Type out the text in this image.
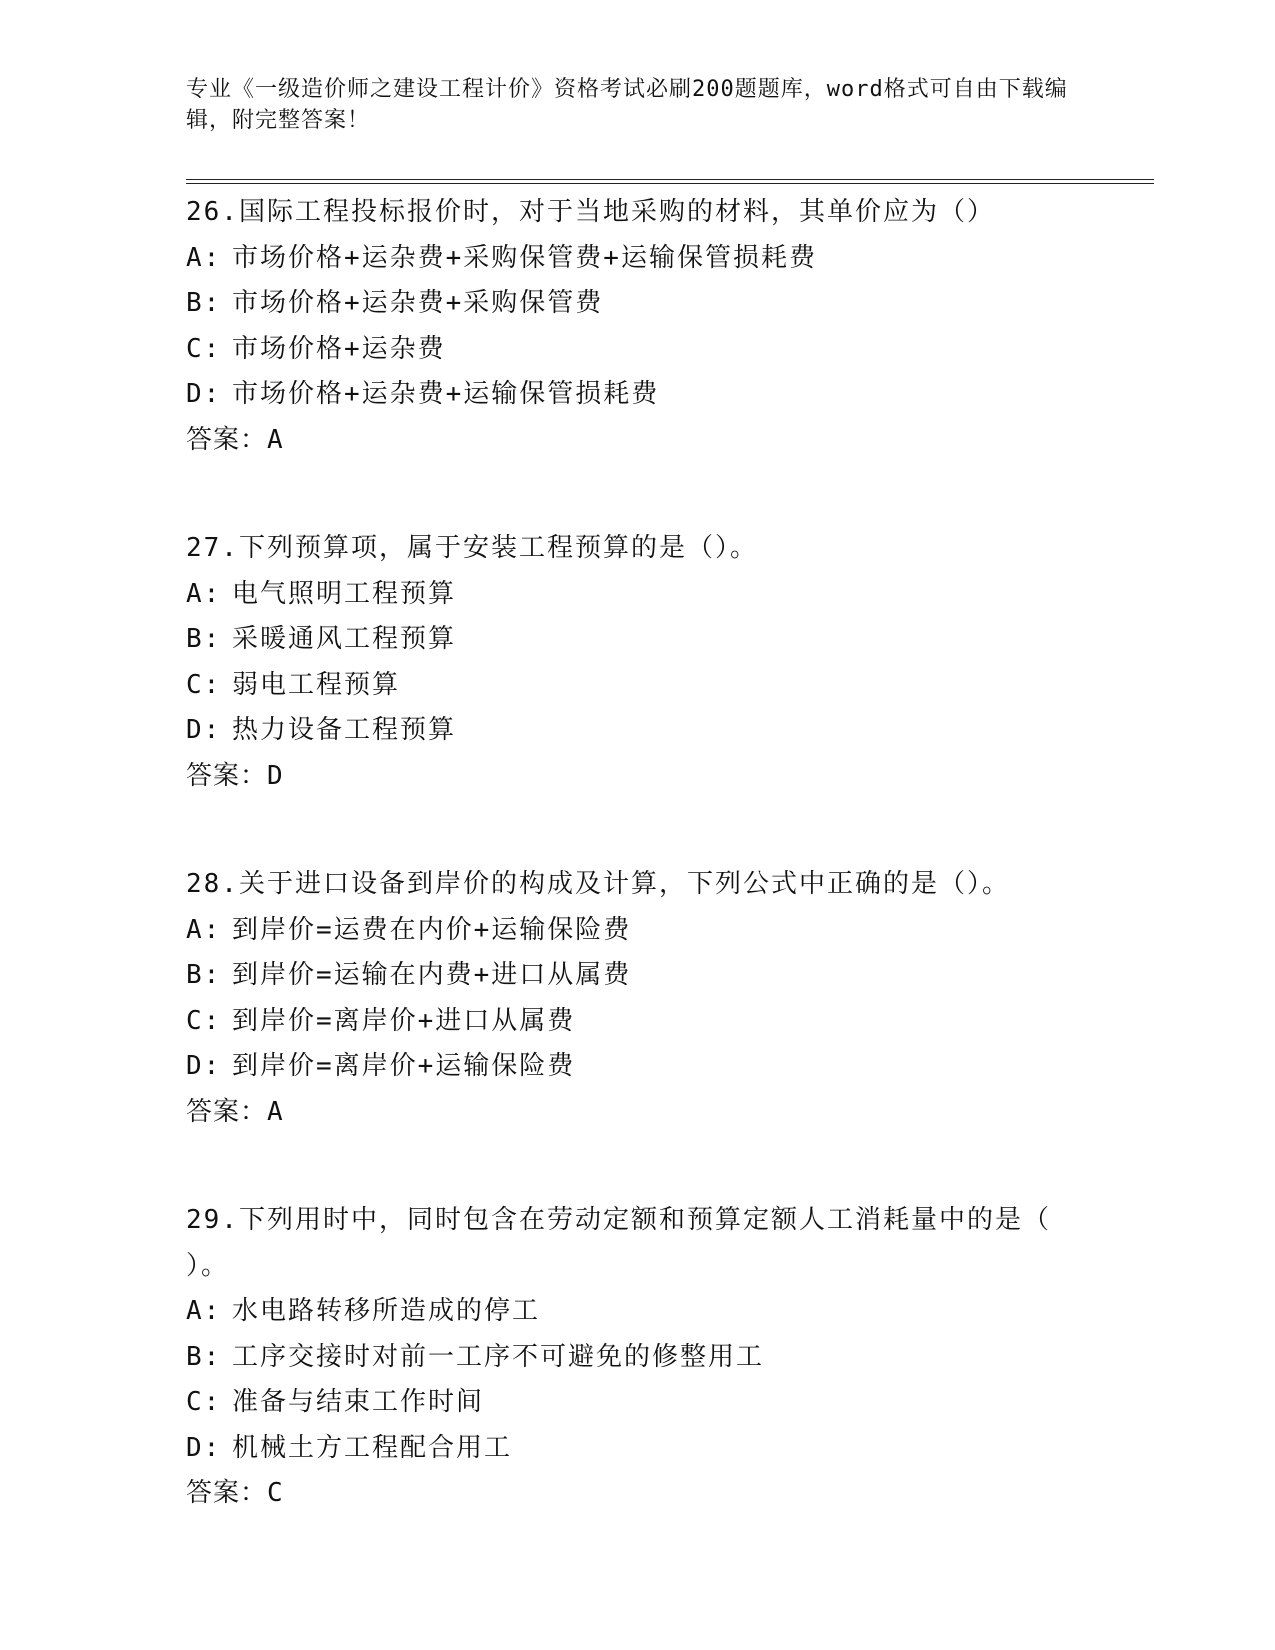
专业《一级造价师之建设工程计价》资格考试必刷200题题库，word格式可自由下载编辑，附完整答案！
26.国际工程投标报价时，对于当地采购的材料，其单价应为（）
A: 市场价格+运杂费+采购保管费+运输保管损耗费
B: 市场价格+运杂费+采购保管费
C: 市场价格+运杂费
D: 市场价格+运杂费+运输保管损耗费
答案：A
27.下列预算项，属于安装工程预算的是（）。
A: 电气照明工程预算
B: 采暖通风工程预算
C: 弱电工程预算
D: 热力设备工程预算
答案：D
28.关于进口设备到岸价的构成及计算，下列公式中正确的是（）。
A: 到岸价=运费在内价+运输保险费
B: 到岸价=运输在内费+进口从属费
C: 到岸价=离岸价+进口从属费
D: 到岸价=离岸价+运输保险费
答案：A
29.下列用时中，同时包含在劳动定额和预算定额人工消耗量中的是（
）。
A: 水电路转移所造成的停工
B: 工序交接时对前一工序不可避免的修整用工
C: 准备与结束工作时间
D: 机械土方工程配合用工
答案：C
